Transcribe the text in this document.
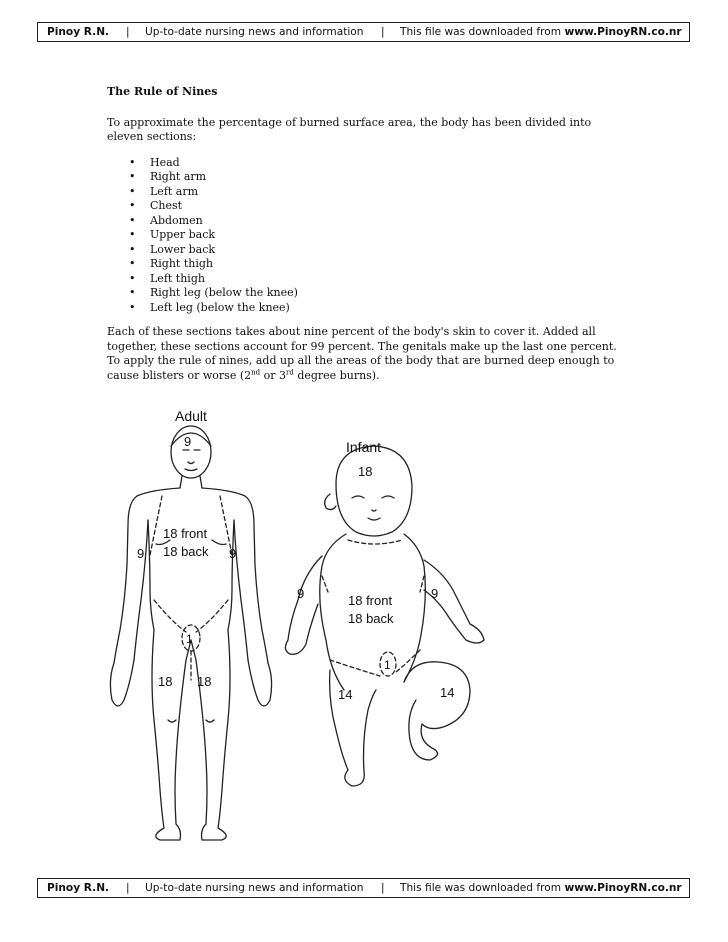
Pinoy R.N. | Up-to-date nursing news and information | This file was downloaded from www.PinoyRN.co.nr
The Rule of Nines

To approximate the percentage of burned surface area, the body has been divided into eleven sections:

• Head
• Right arm
• Left arm
• Chest
• Abdomen
• Upper back
• Lower back
• Right thigh
• Left thigh
• Right leg (below the knee)
• Left leg (below the knee)

Each of these sections takes about nine percent of the body's skin to cover it. Added all together, these sections account for 99 percent. The genitals make up the last one percent. To apply the rule of nines, add up all the areas of the body that are burned deep enough to cause blisters or worse (2nd or 3rd degree burns).

Adult
9
18 front
18 back
9	9
1
18 18
Infant
18
18 front
18 back
9	9
1
14	14
Pinoy R.N. | Up-to-date nursing news and information | This file was downloaded from www.PinoyRN.co.nr
